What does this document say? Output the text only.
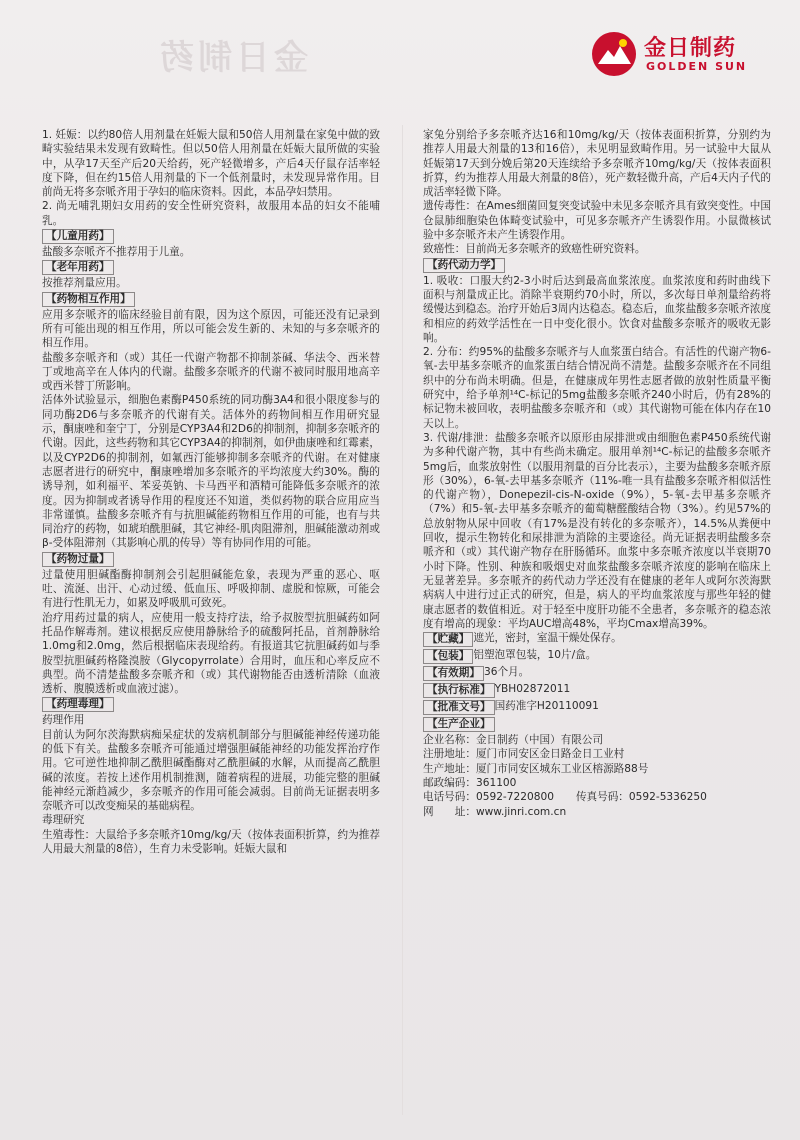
金日制药	金日制药
GOLDEN SUN

1. 妊娠：以约80倍人用剂量在妊娠大鼠和50倍人用剂量在家兔中做的致畸实验结果未发现有致畸性。但以50倍人用剂量在妊娠大鼠所做的实验中，从孕17天至产后20天给药，死产轻微增多，产后4天仔鼠存活率轻度下降，但在约15倍人用剂量的下一个低剂量时，未发现异常作用。目前尚无将多奈哌齐用于孕妇的临床资料。因此，本品孕妇禁用。

2. 尚无哺乳期妇女用药的安全性研究资料，故服用本品的妇女不能哺乳。

【儿童用药】

盐酸多奈哌齐不推荐用于儿童。

【老年用药】

按推荐剂量应用。

【药物相互作用】

应用多奈哌齐的临床经验目前有限，因为这个原因，可能还没有记录到所有可能出现的相互作用，所以可能会发生新的、未知的与多奈哌齐的相互作用。

盐酸多奈哌齐和（或）其任一代谢产物都不抑制茶碱、华法令、西米替丁或地高辛在人体内的代谢。盐酸多奈哌齐的代谢不被同时服用地高辛或西米替丁所影响。

活体外试验显示，细胞色素酶P450系统的同功酶3A4和很小限度参与的同功酶2D6与多奈哌齐的代谢有关。活体外的药物间相互作用研究显示，酮康唑和奎宁丁，分别是CYP3A4和2D6的抑制剂，抑制多奈哌齐的代谢。因此，这些药物和其它CYP3A4的抑制剂，如伊曲康唑和红霉素，以及CYP2D6的抑制剂，如氟西汀能够抑制多奈哌齐的代谢。在对健康志愿者进行的研究中，酮康唑增加多奈哌齐的平均浓度大约30%。酶的诱导剂，如利福平、苯妥英钠、卡马西平和酒精可能降低多奈哌齐的浓度。因为抑制或者诱导作用的程度还不知道，类似药物的联合应用应当非常谨慎。盐酸多奈哌齐有与抗胆碱能药物相互作用的可能，也有与共同治疗的药物，如琥珀酰胆碱，其它神经-肌肉阻滞剂，胆碱能激动剂或β-受体阻滞剂（其影响心肌的传导）等有协同作用的可能。

【药物过量】

过量使用胆碱酯酶抑制剂会引起胆碱能危象，表现为严重的恶心、呕吐、流涎、出汗、心动过缓、低血压、呼吸抑制、虚脱和惊厥，可能会有进行性肌无力，如累及呼吸肌可致死。

治疗用药过量的病人，应使用一般支持疗法，给予叔胺型抗胆碱药如阿托品作解毒剂。建议根据反应使用静脉给予的硫酸阿托品，首剂静脉给1.0mg和2.0mg，然后根据临床表现给药。有报道其它抗胆碱药如与季胺型抗胆碱药格隆溴胺（Glycopyrrolate）合用时，血压和心率反应不典型。尚不清楚盐酸多奈哌齐和（或）其代谢物能否由透析清除（血液透析、腹膜透析或血液过滤）。

【药理毒理】

药理作用

目前认为阿尔茨海默病痴呆症状的发病机制部分与胆碱能神经传递功能的低下有关。盐酸多奈哌齐可能通过增强胆碱能神经的功能发挥治疗作用。它可逆性地抑制乙酰胆碱酯酶对乙酰胆碱的水解，从而提高乙酰胆碱的浓度。若按上述作用机制推测，随着病程的进展，功能完整的胆碱能神经元渐趋减少，多奈哌齐的作用可能会减弱。目前尚无证据表明多奈哌齐可以改变痴呆的基础病程。

毒理研究

生殖毒性：大鼠给予多奈哌齐10mg/kg/天（按体表面积折算，约为推荐人用最大剂量的8倍），生育力未受影响。妊娠大鼠和

家兔分别给予多奈哌齐达16和10mg/kg/天（按体表面积折算，分别约为推荐人用最大剂量的13和16倍），未见明显致畸作用。另一试验中大鼠从妊娠第17天到分娩后第20天连续给予多奈哌齐10mg/kg/天（按体表面积折算，约为推荐人用最大剂量的8倍），死产数轻微升高，产后4天内子代的成活率轻微下降。

遗传毒性：在Ames细菌回复突变试验中未见多奈哌齐具有致突变性。中国仓鼠肺细胞染色体畸变试验中，可见多奈哌齐产生诱裂作用。小鼠微核试验中多奈哌齐未产生诱裂作用。

致癌性：目前尚无多奈哌齐的致癌性研究资料。

【药代动力学】

1. 吸收：口服大约2-3小时后达到最高血浆浓度。血浆浓度和药时曲线下面积与剂量成正比。消除半衰期约70小时，所以，多次每日单剂量给药将缓慢达到稳态。治疗开始后3周内达稳态。稳态后，血浆盐酸多奈哌齐浓度和相应的药效学活性在一日中变化很小。饮食对盐酸多奈哌齐的吸收无影响。

2. 分布：约95%的盐酸多奈哌齐与人血浆蛋白结合。有活性的代谢产物6-氧-去甲基多奈哌齐的血浆蛋白结合情况尚不清楚。盐酸多奈哌齐在不同组织中的分布尚未明确。但是，在健康成年男性志愿者做的放射性质量平衡研究中，给予单剂¹⁴C-标记的5mg盐酸多奈哌齐240小时后，仍有28%的标记物未被回收，表明盐酸多奈哌齐和（或）其代谢物可能在体内存在10天以上。

3. 代谢/排泄：盐酸多奈哌齐以原形由尿排泄或由细胞色素P450系统代谢为多种代谢产物，其中有些尚未确定。服用单剂¹⁴C-标记的盐酸多奈哌齐5mg后，血浆放射性（以服用剂量的百分比表示），主要为盐酸多奈哌齐原形（30%），6-氧-去甲基多奈哌齐（11%-唯一具有盐酸多奈哌齐相似活性的代谢产物），Donepezil-cis-N-oxide（9%），5-氧-去甲基多奈哌齐（7%）和5-氧-去甲基多奈哌齐的葡萄糖醛酸结合物（3%）。约见57%的总放射物从尿中回收（有17%是没有转化的多奈哌齐），14.5%从粪便中回收，提示生物转化和尿排泄为消除的主要途径。尚无证据表明盐酸多奈哌齐和（或）其代谢产物存在肝肠循环。血浆中多奈哌齐浓度以半衰期70小时下降。性别、种族和吸烟史对血浆盐酸多奈哌齐浓度的影响在临床上无显著差异。多奈哌齐的药代动力学还没有在健康的老年人或阿尔茨海默病病人中进行过正式的研究，但是，病人的平均血浆浓度与那些年轻的健康志愿者的数值相近。对于轻至中度肝功能不全患者，多奈哌齐的稳态浓度有增高的现象：平均AUC增高48%，平均Cmax增高39%。

【贮藏】 遮光，密封，室温干燥处保存。
【包装】 铝塑泡罩包装，10片/盒。
【有效期】 36个月。
【执行标准】 YBH02872011
【批准文号】 国药准字H20110091
【生产企业】
企业名称： 金日制药（中国）有限公司
注册地址： 厦门市同安区金日路金日工业村
生产地址： 厦门市同安区城东工业区榕源路88号
邮政编码： 361100
电话号码：0592-7220800 传真号码：0592-5336250
网　　址： www.jinri.com.cn
